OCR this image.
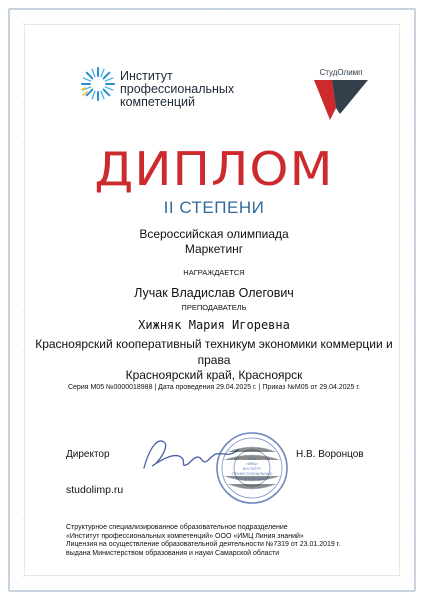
Институт
профессиональных
компетенций
СтудОлимп
ДИПЛОМ
II СТЕПЕНИ
Всероссийская олимпиада
Маркетинг
НАГРАЖДАЕТСЯ
Лучак Владислав Олегович
ПРЕПОДАВАТЕЛЬ
Хижняк Мария Игоревна
Красноярский кооперативный техникум экономики коммерции и
права
Красноярский край, Красноярск
Серия М05 №0000018988 | Дата проведения 29.04.2025 г. | Приказ №М05 от 29.04.2025 г.
Директор	ООО
«ИМЦ»
ИНСТИТУТ
ПРОФЕССИОНАЛЬНЫХ
КОМПЕТЕНЦИЙ
Н.В. Воронцов
studolimp.ru
Структурное специализированное образовательное подразделение
«Институт профессиональных компетенций» ООО «ИМЦ Линия знаний»
Лицензия на осуществление образовательной деятельности №7319 от 23.01.2019 г.
выдана Министерством образования и науки Самарской области
